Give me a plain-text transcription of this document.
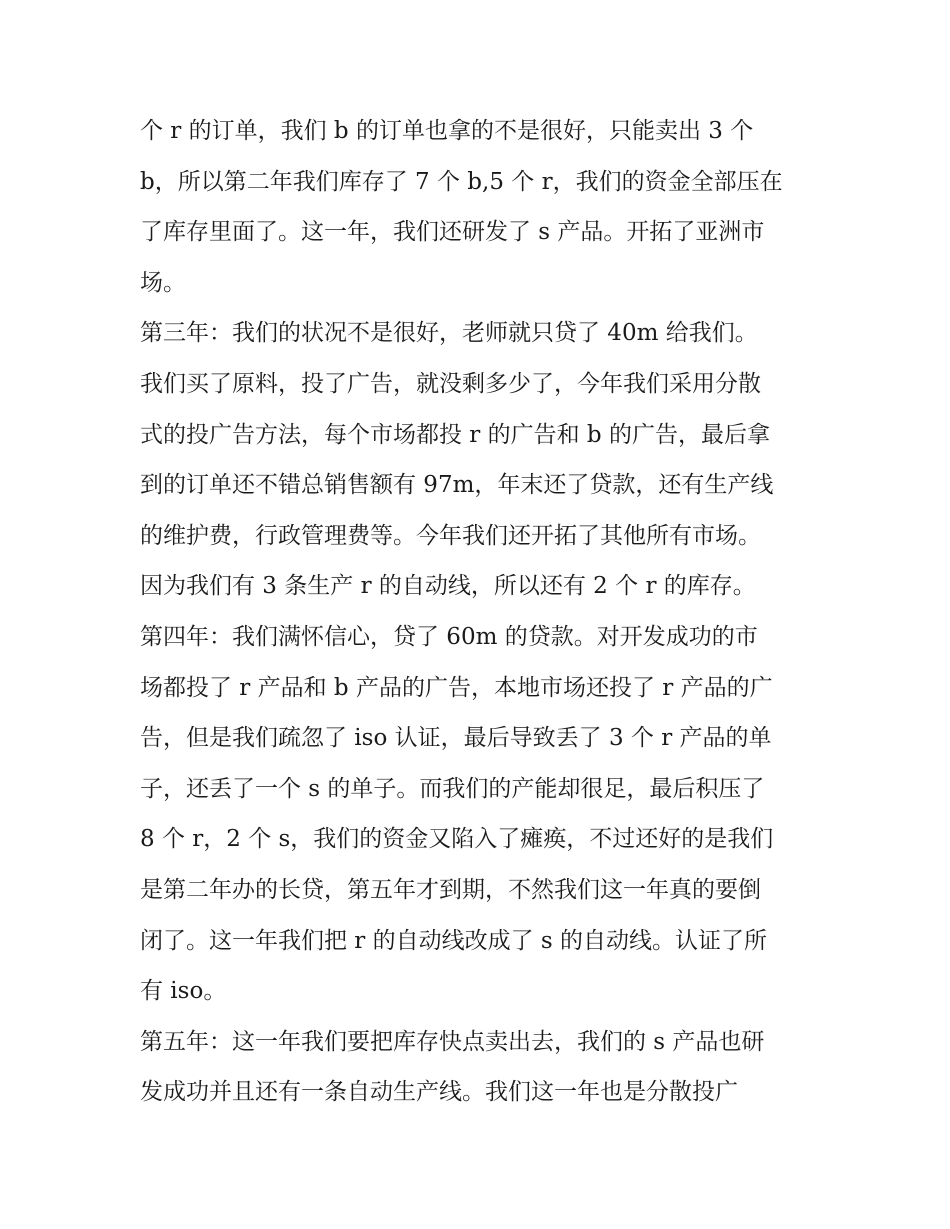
个 r 的订单，我们 b 的订单也拿的不是很好，只能卖出 3 个
b，所以第二年我们库存了 7 个 b,5 个 r，我们的资金全部压在
了库存里面了。这一年，我们还研发了 s 产品。开拓了亚洲市
场。
第三年：我们的状况不是很好，老师就只贷了 40m 给我们。
我们买了原料，投了广告，就没剩多少了，今年我们采用分散
式的投广告方法，每个市场都投 r 的广告和 b 的广告，最后拿
到的订单还不错总销售额有 97m，年末还了贷款，还有生产线
的维护费，行政管理费等。今年我们还开拓了其他所有市场。
因为我们有 3 条生产 r 的自动线，所以还有 2 个 r 的库存。
第四年：我们满怀信心，贷了 60m 的贷款。对开发成功的市
场都投了 r 产品和 b 产品的广告，本地市场还投了 r 产品的广
告，但是我们疏忽了 iso 认证，最后导致丢了 3 个 r 产品的单
子，还丢了一个 s 的单子。而我们的产能却很足，最后积压了
8 个 r，2 个 s，我们的资金又陷入了瘫痪，不过还好的是我们
是第二年办的长贷，第五年才到期，不然我们这一年真的要倒
闭了。这一年我们把 r 的自动线改成了 s 的自动线。认证了所
有 iso。
第五年：这一年我们要把库存快点卖出去，我们的 s 产品也研
发成功并且还有一条自动生产线。我们这一年也是分散投广
